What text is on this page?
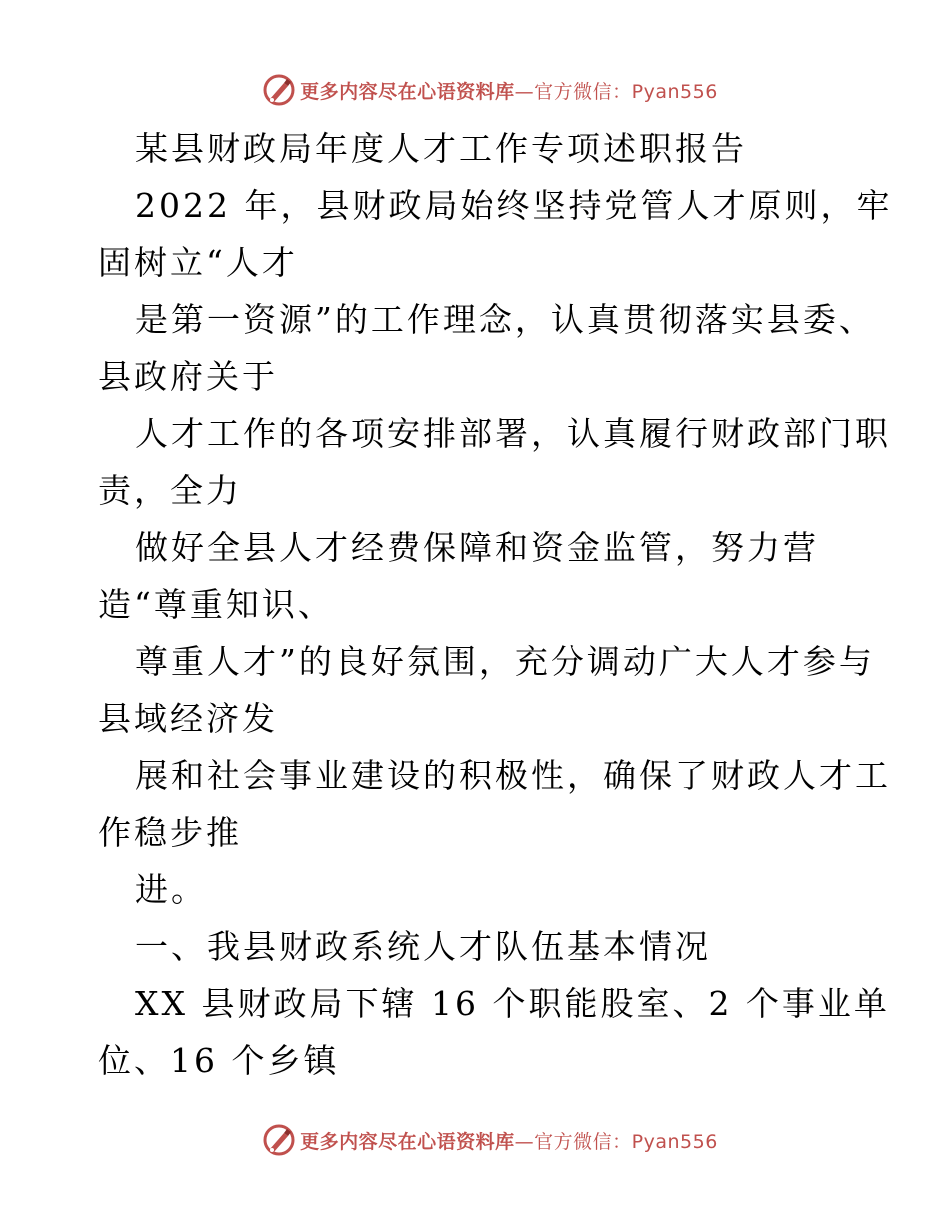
更多内容尽在心语资料库—官方微信：Pyan556
某县财政局年度人才工作专项述职报告
2022 年，县财政局始终坚持党管人才原则，牢
固树立“人才
是第一资源”的工作理念，认真贯彻落实县委、
县政府关于
人才工作的各项安排部署，认真履行财政部门职
责，全力
做好全县人才经费保障和资金监管，努力营
造“尊重知识、
尊重人才”的良好氛围，充分调动广大人才参与
县域经济发
展和社会事业建设的积极性，确保了财政人才工
作稳步推
进。
一、我县财政系统人才队伍基本情况
XX 县财政局下辖 16 个职能股室、2 个事业单
位、16 个乡镇
更多内容尽在心语资料库—官方微信：Pyan556
